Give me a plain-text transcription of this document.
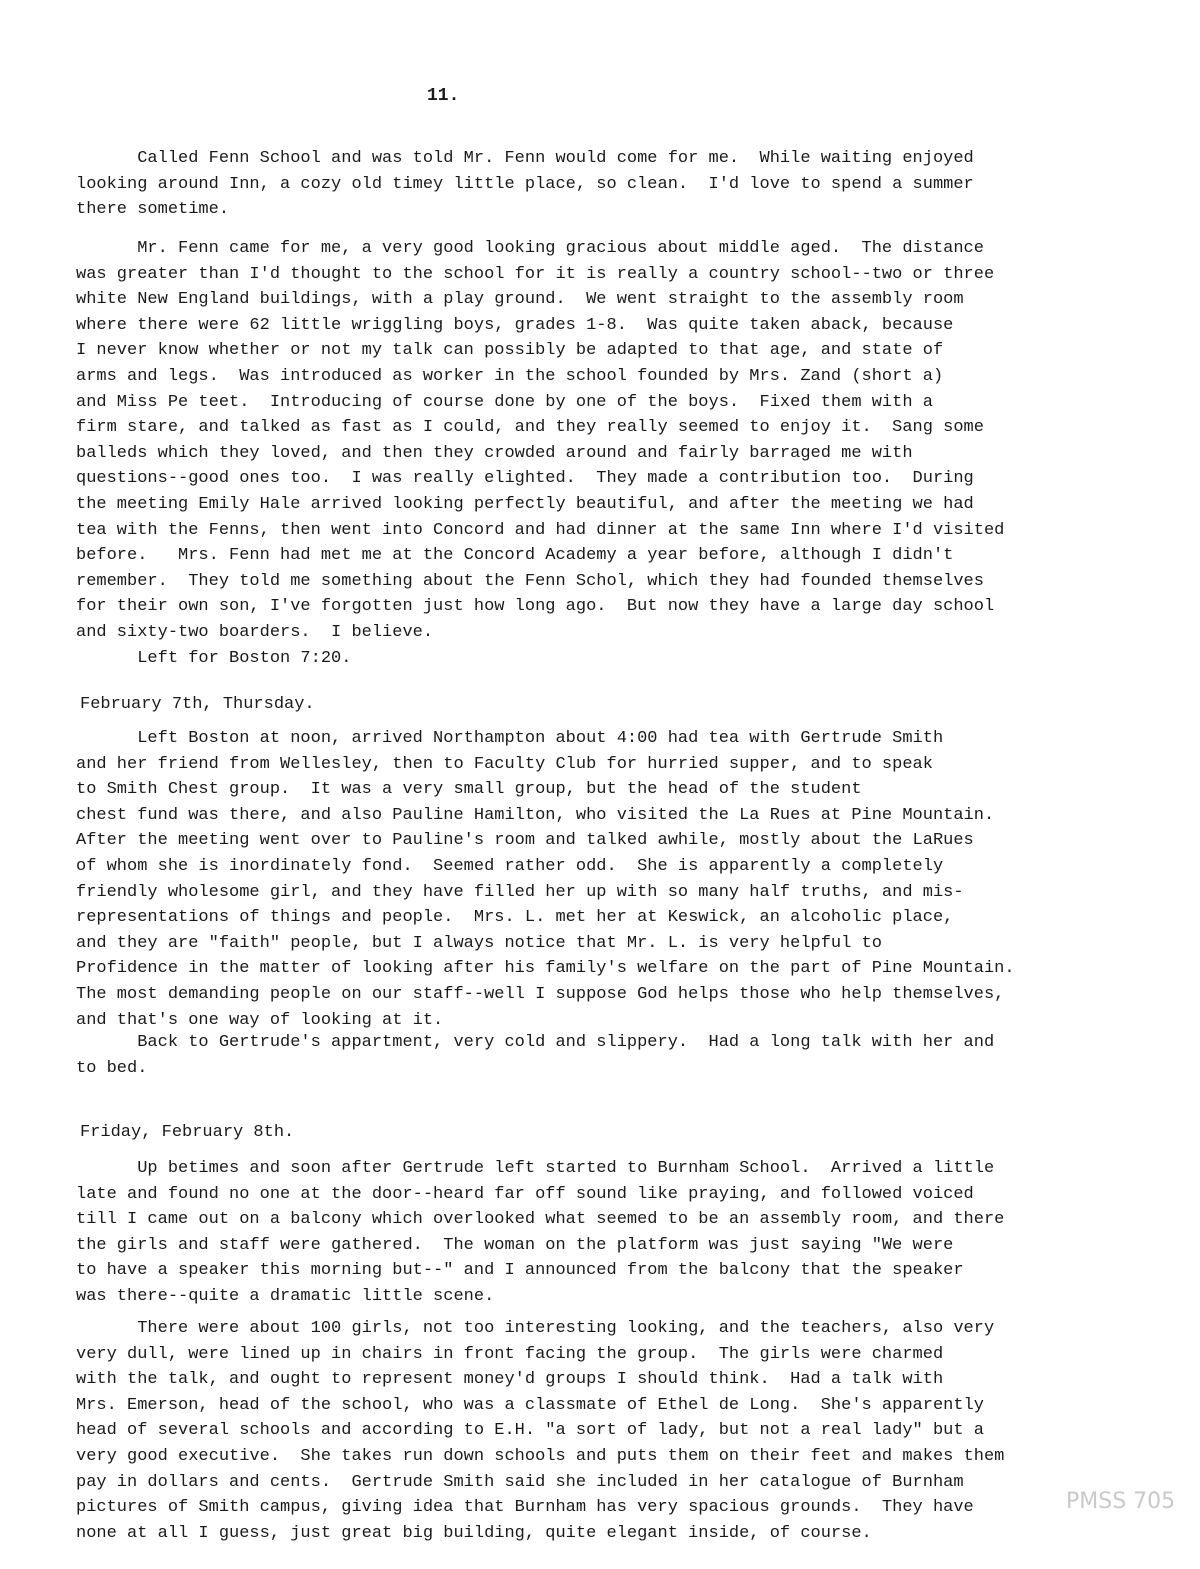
11.
Called Fenn School and was told Mr. Fenn would come for me.  While waiting enjoyed
looking around Inn, a cozy old timey little place, so clean.  I'd love to spend a summer
there sometime.
Mr. Fenn came for me, a very good looking gracious about middle aged.  The distance
was greater than I'd thought to the school for it is really a country school--two or three
white New England buildings, with a play ground.  We went straight to the assembly room
where there were 62 little wriggling boys, grades 1-8.  Was quite taken aback, because
I never know whether or not my talk can possibly be adapted to that age, and state of
arms and legs.  Was introduced as worker in the school founded by Mrs. Zand (short a)
and Miss Pe teet.  Introducing of course done by one of the boys.  Fixed them with a
firm stare, and talked as fast as I could, and they really seemed to enjoy it.  Sang some
balleds which they loved, and then they crowded around and fairly barraged me with
questions--good ones too.  I was really elighted.  They made a contribution too.  During
the meeting Emily Hale arrived looking perfectly beautiful, and after the meeting we had
tea with the Fenns, then went into Concord and had dinner at the same Inn where I'd visited
before.   Mrs. Fenn had met me at the Concord Academy a year before, although I didn't
remember.  They told me something about the Fenn Schol, which they had founded themselves
for their own son, I've forgotten just how long ago.  But now they have a large day school
and sixty-two boarders.  I believe.
Left for Boston 7:20.
February 7th, Thursday.
Left Boston at noon, arrived Northampton about 4:00 had tea with Gertrude Smith
and her friend from Wellesley, then to Faculty Club for hurried supper, and to speak
to Smith Chest group.  It was a very small group, but the head of the student
chest fund was there, and also Pauline Hamilton, who visited the La Rues at Pine Mountain.
After the meeting went over to Pauline's room and talked awhile, mostly about the LaRues
of whom she is inordinately fond.  Seemed rather odd.  She is apparently a completely
friendly wholesome girl, and they have filled her up with so many half truths, and mis-
representations of things and people.  Mrs. L. met her at Keswick, an alcoholic place,
and they are "faith" people, but I always notice that Mr. L. is very helpful to
Profidence in the matter of looking after his family's welfare on the part of Pine Mountain.
The most demanding people on our staff--well I suppose God helps those who help themselves,
and that's one way of looking at it.
Back to Gertrude's appartment, very cold and slippery.  Had a long talk with her and
to bed.
Friday, February 8th.
Up betimes and soon after Gertrude left started to Burnham School.  Arrived a little
late and found no one at the door--heard far off sound like praying, and followed voiced
till I came out on a balcony which overlooked what seemed to be an assembly room, and there
the girls and staff were gathered.  The woman on the platform was just saying "We were
to have a speaker this morning but--" and I announced from the balcony that the speaker
was there--quite a dramatic little scene.
There were about 100 girls, not too interesting looking, and the teachers, also very
very dull, were lined up in chairs in front facing the group.  The girls were charmed
with the talk, and ought to represent money'd groups I should think.  Had a talk with
Mrs. Emerson, head of the school, who was a classmate of Ethel de Long.  She's apparently
head of several schools and according to E.H. "a sort of lady, but not a real lady" but a
very good executive.  She takes run down schools and puts them on their feet and makes them
pay in dollars and cents.  Gertrude Smith said she included in her catalogue of Burnham
pictures of Smith campus, giving idea that Burnham has very spacious grounds.  They have
none at all I guess, just great big building, quite elegant inside, of course.
PMSS 705
